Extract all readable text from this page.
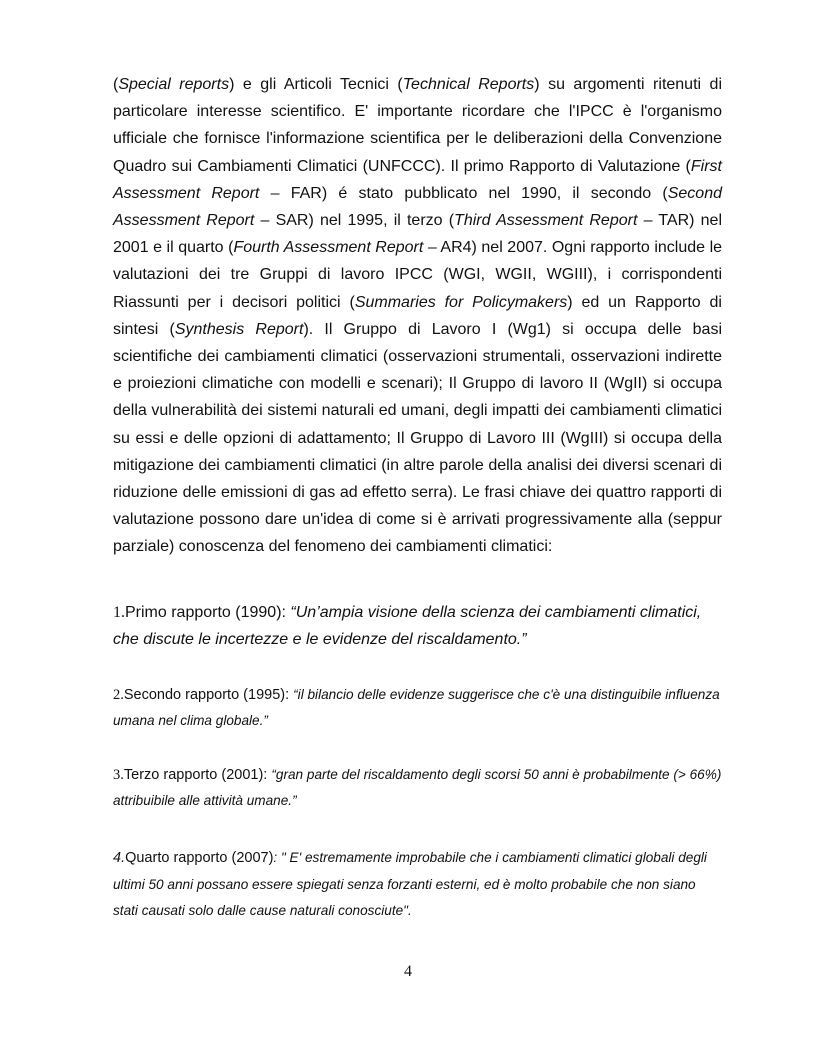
(Special reports) e gli Articoli Tecnici (Technical Reports) su argomenti ritenuti di particolare interesse scientifico. E' importante ricordare che l'IPCC è l'organismo ufficiale che fornisce l'informazione scientifica per le deliberazioni della Convenzione Quadro sui Cambiamenti Climatici (UNFCCC). Il primo Rapporto di Valutazione (First Assessment Report – FAR) é stato pubblicato nel 1990, il secondo (Second Assessment Report – SAR) nel 1995, il terzo (Third Assessment Report – TAR) nel 2001 e il quarto (Fourth Assessment Report – AR4) nel 2007. Ogni rapporto include le valutazioni dei tre Gruppi di lavoro IPCC (WGI, WGII, WGIII), i corrispondenti Riassunti per i decisori politici (Summaries for Policymakers) ed un Rapporto di sintesi (Synthesis Report). Il Gruppo di Lavoro I (Wg1) si occupa delle basi scientifiche dei cambiamenti climatici (osservazioni strumentali, osservazioni indirette e proiezioni climatiche con modelli e scenari); Il Gruppo di lavoro II (WgII) si occupa della vulnerabilità dei sistemi naturali ed umani, degli impatti dei cambiamenti climatici su essi e delle opzioni di adattamento; Il Gruppo di Lavoro III (WgIII) si occupa della mitigazione dei cambiamenti climatici (in altre parole della analisi dei diversi scenari di riduzione delle emissioni di gas ad effetto serra). Le frasi chiave dei quattro rapporti di valutazione possono dare un'idea di come si è arrivati progressivamente alla (seppur parziale) conoscenza del fenomeno dei cambiamenti climatici:

1.Primo rapporto (1990): “Un’ampia visione della scienza dei cambiamenti climatici, che discute le incertezze e le evidenze del riscaldamento.”

2.Secondo rapporto (1995): “il bilancio delle evidenze suggerisce che c'è una distinguibile influenza umana nel clima globale.”

3.Terzo rapporto (2001): “gran parte del riscaldamento degli scorsi 50 anni è probabilmente (> 66%) attribuibile alle attività umane.”

4.Quarto rapporto (2007): " E' estremamente improbabile che i cambiamenti climatici globali degli ultimi 50 anni possano essere spiegati senza forzanti esterni, ed è molto probabile che non siano stati causati solo dalle cause naturali conosciute".

4
